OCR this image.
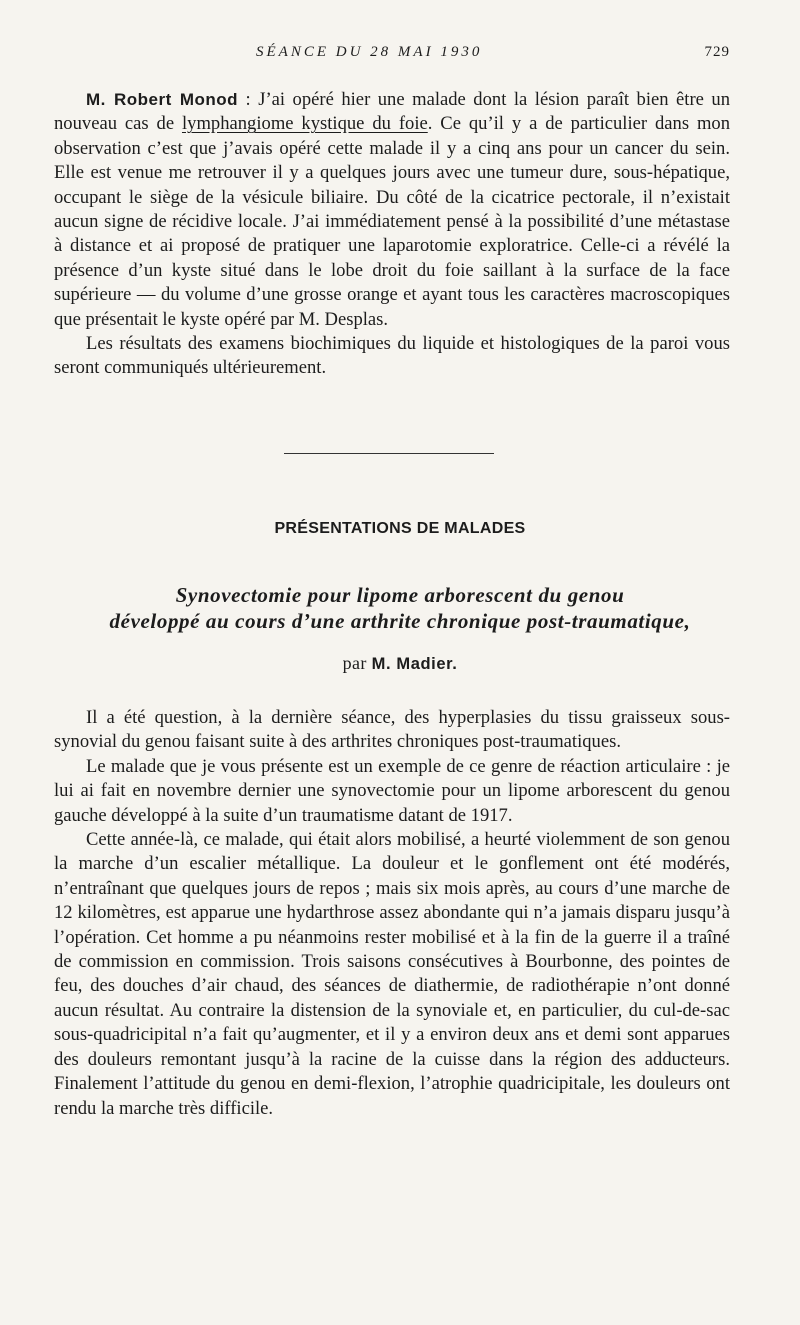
SÉANCE DU 28 MAI 1930	729

M. Robert Monod : J’ai opéré hier une malade dont la lésion paraît bien être un nouveau cas de lymphangiome kystique du foie. Ce qu’il y a de particulier dans mon observation c’est que j’avais opéré cette malade il y a cinq ans pour un cancer du sein. Elle est venue me retrouver il y a quelques jours avec une tumeur dure, sous-hépatique, occupant le siège de la vésicule biliaire. Du côté de la cicatrice pectorale, il n’existait aucun signe de récidive locale. J’ai immédiatement pensé à la possibilité d’une métastase à distance et ai proposé de pratiquer une laparotomie exploratrice. Celle-ci a révélé la présence d’un kyste situé dans le lobe droit du foie saillant à la surface de la face supérieure — du volume d’une grosse orange et ayant tous les caractères macroscopiques que présentait le kyste opéré par M. Desplas.

Les résultats des examens biochimiques du liquide et histologiques de la paroi vous seront communiqués ultérieurement.

PRÉSENTATIONS DE MALADES
Synovectomie pour lipome arborescent du genou
développé au cours d’une arthrite chronique post-traumatique,
par M. Madier.

Il a été question, à la dernière séance, des hyperplasies du tissu graisseux sous-synovial du genou faisant suite à des arthrites chroniques post-traumatiques.

Le malade que je vous présente est un exemple de ce genre de réaction articulaire : je lui ai fait en novembre dernier une synovectomie pour un lipome arborescent du genou gauche développé à la suite d’un traumatisme datant de 1917.

Cette année-là, ce malade, qui était alors mobilisé, a heurté violemment de son genou la marche d’un escalier métallique. La douleur et le gonflement ont été modérés, n’entraînant que quelques jours de repos ; mais six mois après, au cours d’une marche de 12 kilomètres, est apparue une hydarthrose assez abondante qui n’a jamais disparu jusqu’à l’opération. Cet homme a pu néanmoins rester mobilisé et à la fin de la guerre il a traîné de commission en commission. Trois saisons consécutives à Bourbonne, des pointes de feu, des douches d’air chaud, des séances de diathermie, de radiothérapie n’ont donné aucun résultat. Au contraire la distension de la synoviale et, en particulier, du cul-de-sac sous-quadricipital n’a fait qu’augmenter, et il y a environ deux ans et demi sont apparues des douleurs remontant jusqu’à la racine de la cuisse dans la région des adducteurs. Finalement l’attitude du genou en demi-flexion, l’atrophie quadricipitale, les douleurs ont rendu la marche très difficile.
